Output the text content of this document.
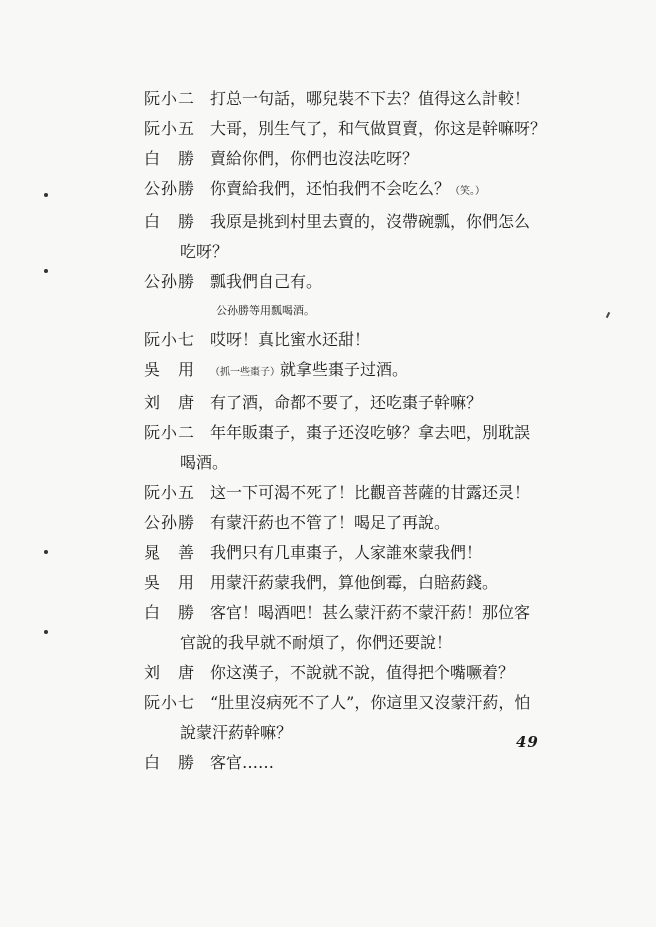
阮小二 打总一句話，哪兒裝不下去？值得这么計較！
阮小五 大哥，別生气了，和气做買賣，你这是幹嘛呀？
白　勝 賣給你們，你們也沒法吃呀？
公孙勝 你賣給我們，还怕我們不会吃么？（笑。）
白　勝 我原是挑到村里去賣的，沒帶碗瓢，你們怎么
吃呀？
公孙勝 瓢我們自己有。
公孙勝等用瓢喝酒。
阮小七 哎呀！真比蜜水还甜！
吳　用	（抓一些棗子）就拿些棗子过酒。
刘　唐 有了酒，命都不要了，还吃棗子幹嘛？
阮小二 年年販棗子，棗子还沒吃够？拿去吧，別耽誤
喝酒。
阮小五 这一下可渴不死了！比觀音菩薩的甘露还灵！
公孙勝 有蒙汗葯也不管了！喝足了再說。
晁　善 我們只有几車棗子，人家誰來蒙我們！
吳　用 用蒙汗葯蒙我們，算他倒霉，白賠葯錢。
白　勝 客官！喝酒吧！甚么蒙汗葯不蒙汗葯！那位客
官說的我早就不耐煩了，你們还要說！
刘　唐 你这漢子，不說就不說，值得把个嘴噘着？
阮小七 “肚里沒病死不了人”，你這里又沒蒙汗葯，怕
說蒙汗葯幹嘛？
白　勝 客官……
49
